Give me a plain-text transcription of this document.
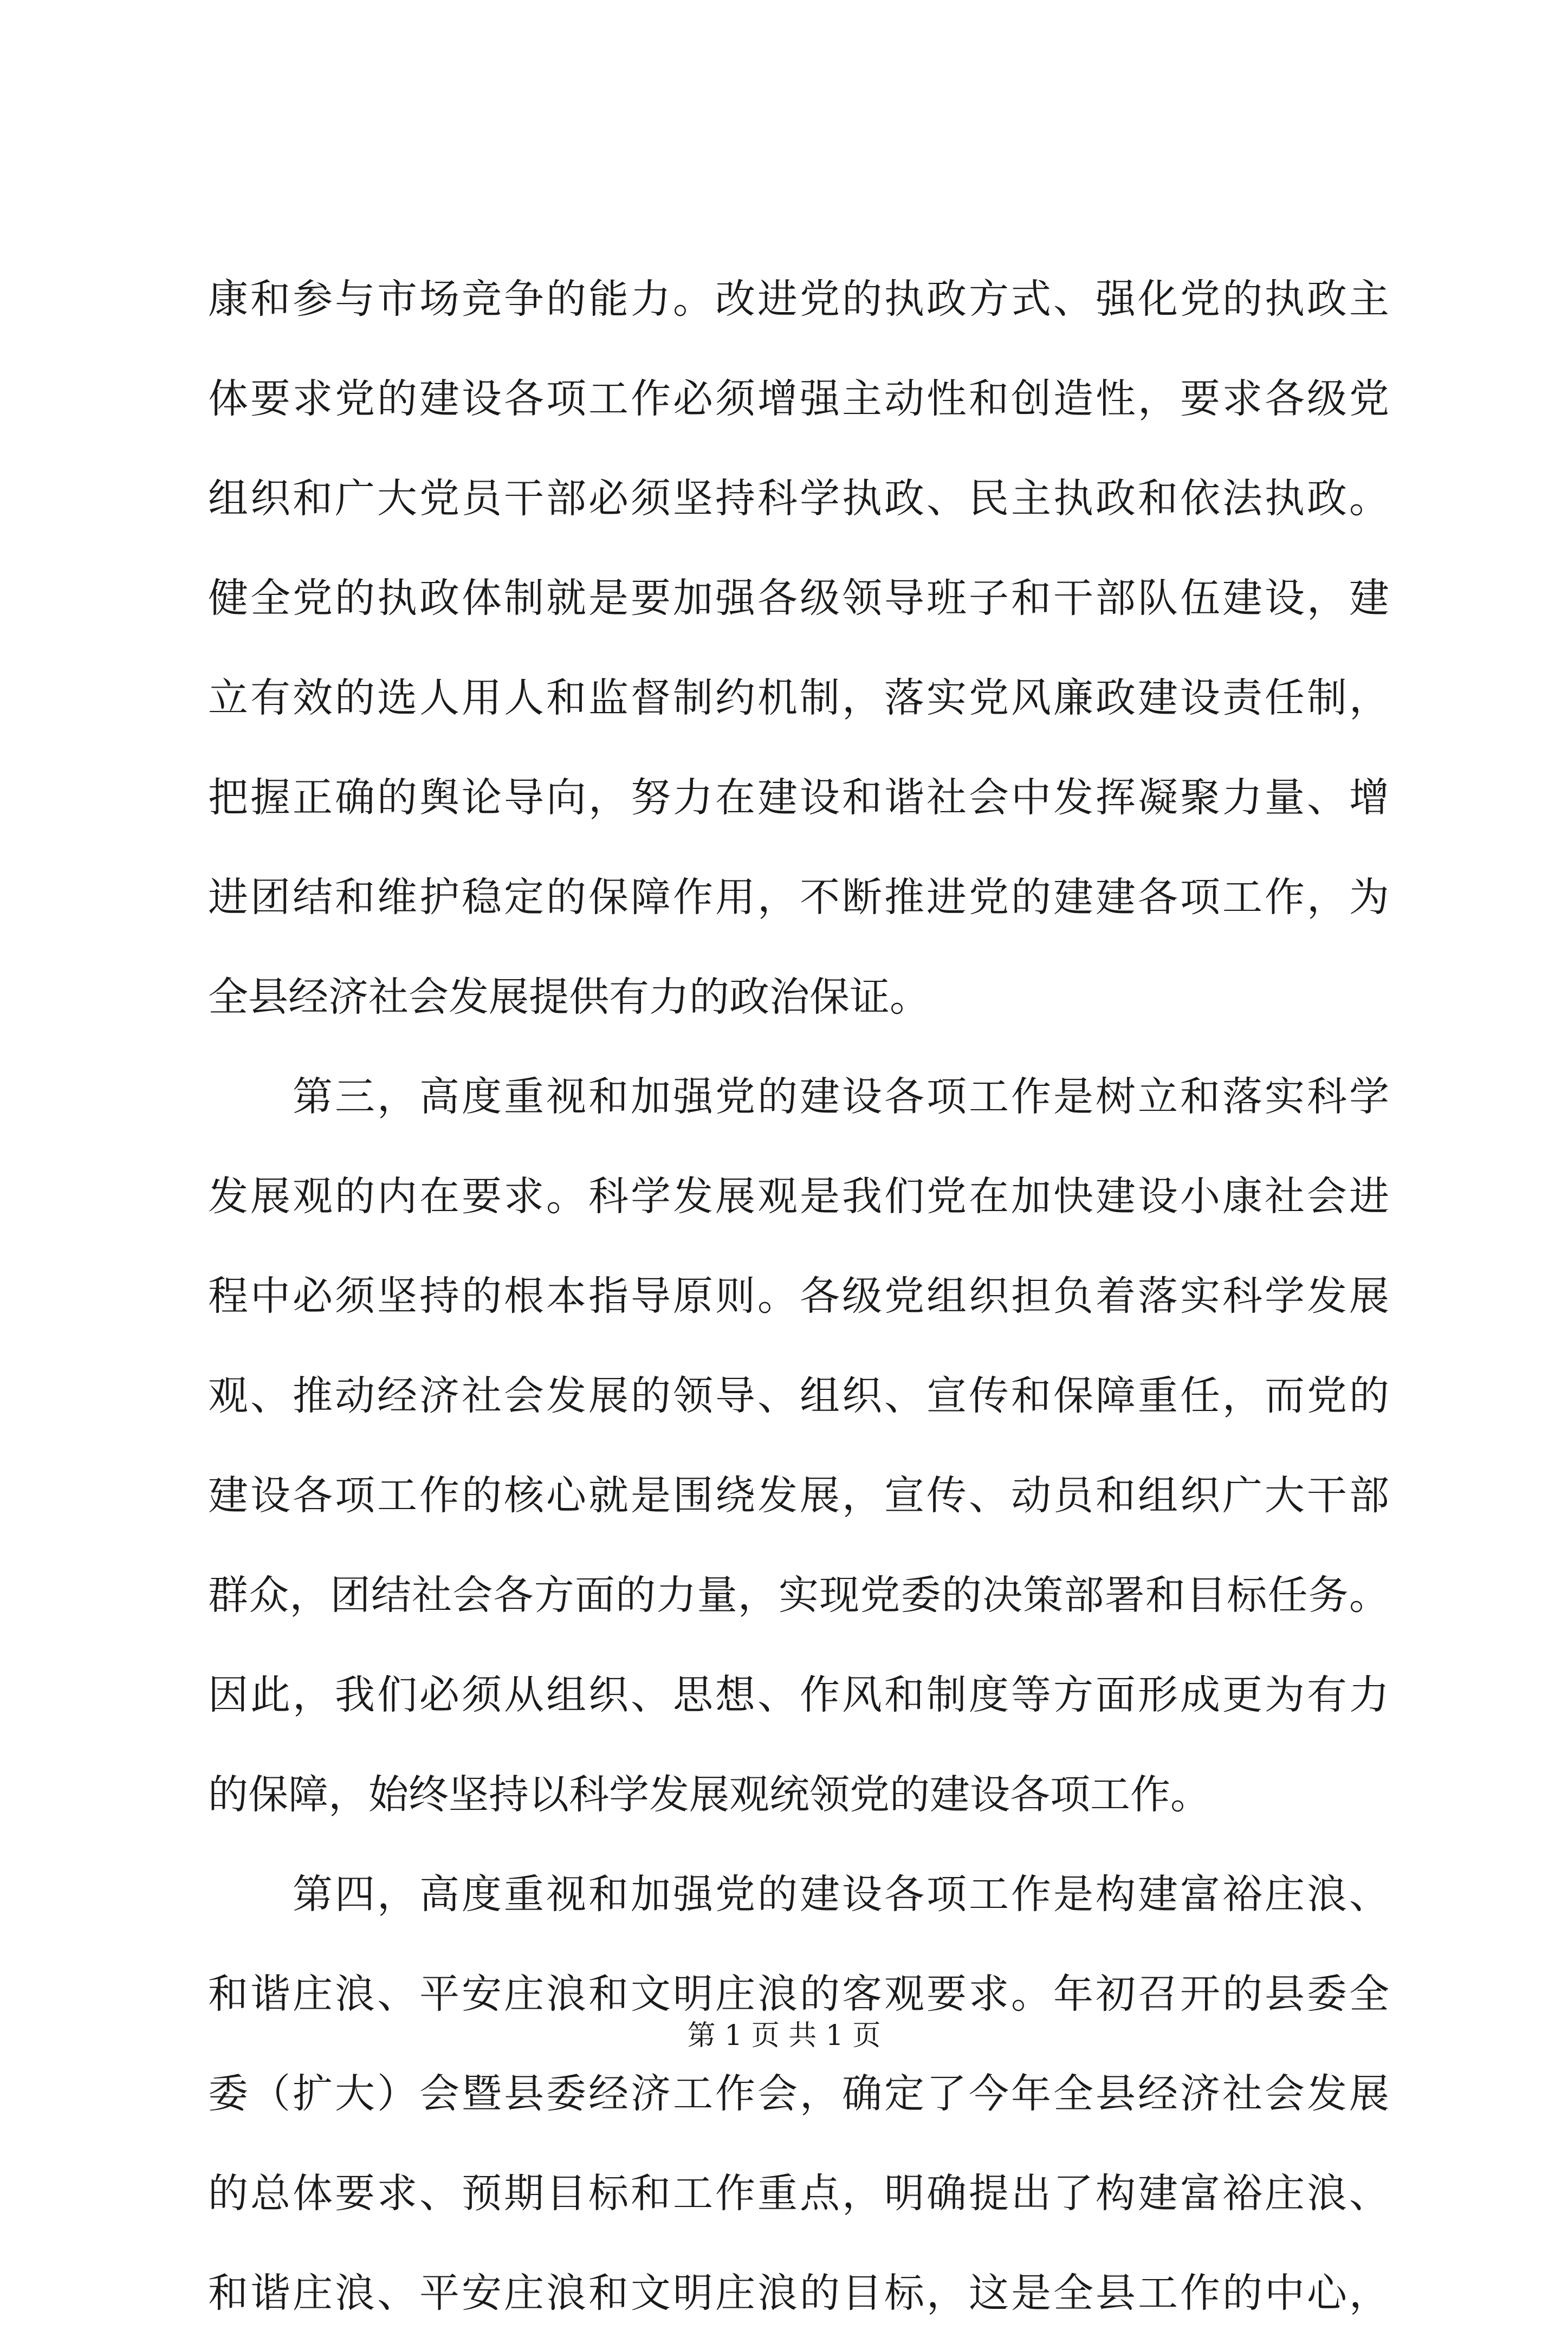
康和参与市场竞争的能力。改进党的执政方式、强化党的执政主
体要求党的建设各项工作必须增强主动性和创造性，要求各级党
组织和广大党员干部必须坚持科学执政、民主执政和依法执政。
健全党的执政体制就是要加强各级领导班子和干部队伍建设，建
立有效的选人用人和监督制约机制，落实党风廉政建设责任制，
把握正确的舆论导向，努力在建设和谐社会中发挥凝聚力量、增
进团结和维护稳定的保障作用，不断推进党的建建各项工作，为
全县经济社会发展提供有力的政治保证。
第三，高度重视和加强党的建设各项工作是树立和落实科学
发展观的内在要求。科学发展观是我们党在加快建设小康社会进
程中必须坚持的根本指导原则。各级党组织担负着落实科学发展
观、推动经济社会发展的领导、组织、宣传和保障重任，而党的
建设各项工作的核心就是围绕发展，宣传、动员和组织广大干部
群众，团结社会各方面的力量，实现党委的决策部署和目标任务。
因此，我们必须从组织、思想、作风和制度等方面形成更为有力
的保障，始终坚持以科学发展观统领党的建设各项工作。
第四，高度重视和加强党的建设各项工作是构建富裕庄浪、
和谐庄浪、平安庄浪和文明庄浪的客观要求。年初召开的县委全
委（扩大）会暨县委经济工作会，确定了今年全县经济社会发展
的总体要求、预期目标和工作重点，明确提出了构建富裕庄浪、
和谐庄浪、平安庄浪和文明庄浪的目标，这是全县工作的中心，
第 1 页 共 1 页
